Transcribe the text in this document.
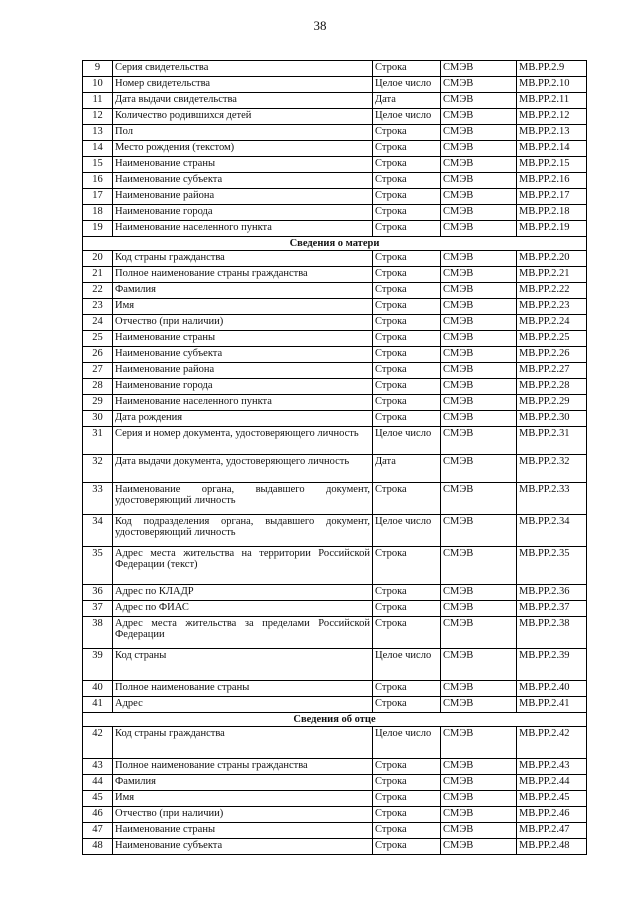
38
9	Серия свидетельства	Строка	СМЭВ	MB.PP.2.9
10	Номер свидетельства	Целое число	СМЭВ	MB.PP.2.10
11	Дата выдачи свидетельства	Дата	СМЭВ	MB.PP.2.11
12	Количество родившихся детей	Целое число	СМЭВ	MB.PP.2.12
13	Пол	Строка	СМЭВ	MB.PP.2.13
14	Место рождения (текстом)	Строка	СМЭВ	MB.PP.2.14
15	Наименование страны	Строка	СМЭВ	MB.PP.2.15
16	Наименование субъекта	Строка	СМЭВ	MB.PP.2.16
17	Наименование района	Строка	СМЭВ	MB.PP.2.17
18	Наименование города	Строка	СМЭВ	MB.PP.2.18
19	Наименование населенного пункта	Строка	СМЭВ	MB.PP.2.19
Сведения о матери				
20	Код страны гражданства	Строка	СМЭВ	MB.PP.2.20
21	Полное наименование страны гражданства	Строка	СМЭВ	MB.PP.2.21
22	Фамилия	Строка	СМЭВ	MB.PP.2.22
23	Имя	Строка	СМЭВ	MB.PP.2.23
24	Отчество (при наличии)	Строка	СМЭВ	MB.PP.2.24
25	Наименование страны	Строка	СМЭВ	MB.PP.2.25
26	Наименование субъекта	Строка	СМЭВ	MB.PP.2.26
27	Наименование района	Строка	СМЭВ	MB.PP.2.27
28	Наименование города	Строка	СМЭВ	MB.PP.2.28
29	Наименование населенного пункта	Строка	СМЭВ	MB.PP.2.29
30	Дата рождения	Строка	СМЭВ	MB.PP.2.30
31	Серия и номер документа, удостоверяющего личность	Целое число	СМЭВ	MB.PP.2.31
32	Дата выдачи документа, удостоверяющего личность	Дата	СМЭВ	MB.PP.2.32
33	Наименование органа, выдавшего документ, удостоверяющий личность	Строка	СМЭВ	MB.PP.2.33
34	Код подразделения органа, выдавшего документ, удостоверяющий личность	Целое число	СМЭВ	MB.PP.2.34
35	Адрес места жительства на территории Российской Федерации (текст)	Строка	СМЭВ	MB.PP.2.35
36	Адрес по КЛАДР	Строка	СМЭВ	MB.PP.2.36
37	Адрес по ФИАС	Строка	СМЭВ	MB.PP.2.37
38	Адрес места жительства за пределами Российской Федерации	Строка	СМЭВ	MB.PP.2.38
39	Код страны	Целое число	СМЭВ	MB.PP.2.39
40	Полное наименование страны	Строка	СМЭВ	MB.PP.2.40
41	Адрес	Строка	СМЭВ	MB.PP.2.41
Сведения об отце				
42	Код страны гражданства	Целое число	СМЭВ	MB.PP.2.42
43	Полное наименование страны гражданства	Строка	СМЭВ	MB.PP.2.43
44	Фамилия	Строка	СМЭВ	MB.PP.2.44
45	Имя	Строка	СМЭВ	MB.PP.2.45
46	Отчество (при наличии)	Строка	СМЭВ	MB.PP.2.46
47	Наименование страны	Строка	СМЭВ	MB.PP.2.47
48	Наименование субъекта	Строка	СМЭВ	MB.PP.2.48
